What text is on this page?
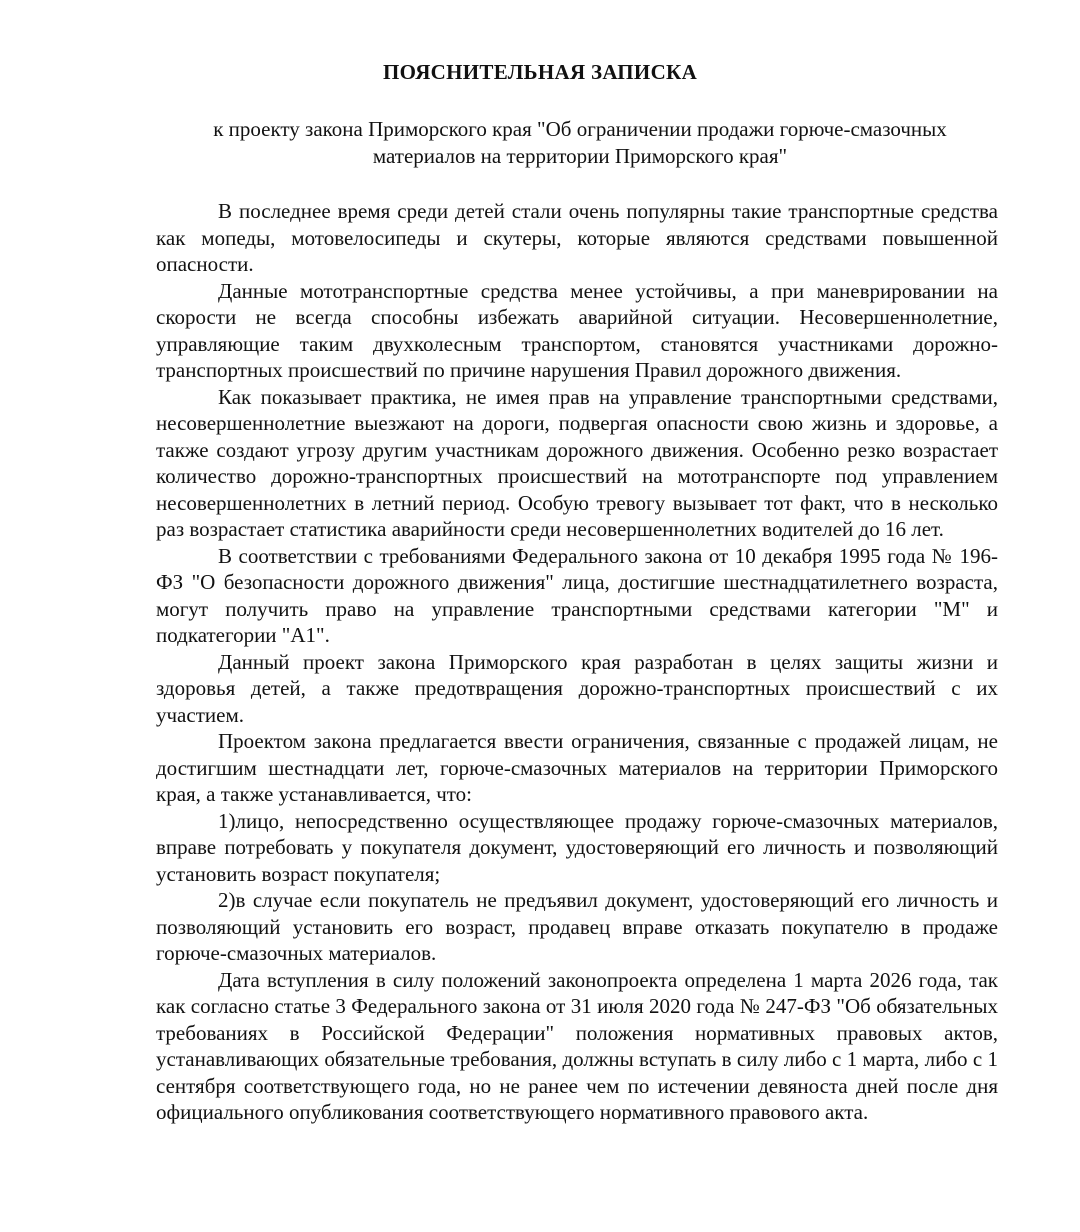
ПОЯСНИТЕЛЬНАЯ ЗАПИСКА
к проекту закона Приморского края "Об ограничении продажи горюче-смазочных
материалов на территории Приморского края"

В последнее время среди детей стали очень популярны такие транспортные средства как мопеды, мотовелосипеды и скутеры, которые являются средствами повышенной опасности.

Данные мототранспортные средства менее устойчивы, а при маневрировании на скорости не всегда способны избежать аварийной ситуации. Несовершеннолетние, управляющие таким двухколесным транспортом, становятся участниками дорожно-транспортных происшествий по причине нарушения Правил дорожного движения.

Как показывает практика, не имея прав на управление транспортными средствами, несовершеннолетние выезжают на дороги, подвергая опасности свою жизнь и здоровье, а также создают угрозу другим участникам дорожного движения. Особенно резко возрастает количество дорожно-транспортных происшествий на мототранспорте под управлением несовершеннолетних в летний период. Особую тревогу вызывает тот факт, что в несколько раз возрастает статистика аварийности среди несовершеннолетних водителей до 16 лет.

В соответствии с требованиями Федерального закона от 10 декабря 1995 года № 196-ФЗ "О безопасности дорожного движения" лица, достигшие шестнадцатилетнего возраста, могут получить право на управление транспортными средствами категории "М" и подкатегории "А1".

Данный проект закона Приморского края разработан в целях защиты жизни и здоровья детей, а также предотвращения дорожно-транспортных происшествий с их участием.

Проектом закона предлагается ввести ограничения, связанные с продажей лицам, не достигшим шестнадцати лет, горюче-смазочных материалов на территории Приморского края, а также устанавливается, что:

1)лицо, непосредственно осуществляющее продажу горюче-смазочных материалов, вправе потребовать у покупателя документ, удостоверяющий его личность и позволяющий установить возраст покупателя;

2)в случае если покупатель не предъявил документ, удостоверяющий его личность и позволяющий установить его возраст, продавец вправе отказать покупателю в продаже горюче-смазочных материалов.

Дата вступления в силу положений законопроекта определена 1 марта 2026 года, так как согласно статье 3 Федерального закона от 31 июля 2020 года № 247-ФЗ "Об обязательных требованиях в Российской Федерации" положения нормативных правовых актов, устанавливающих обязательные требования, должны вступать в силу либо с 1 марта, либо с 1 сентября соответствующего года, но не ранее чем по истечении девяноста дней после дня официального опубликования соответствующего нормативного правового акта.
